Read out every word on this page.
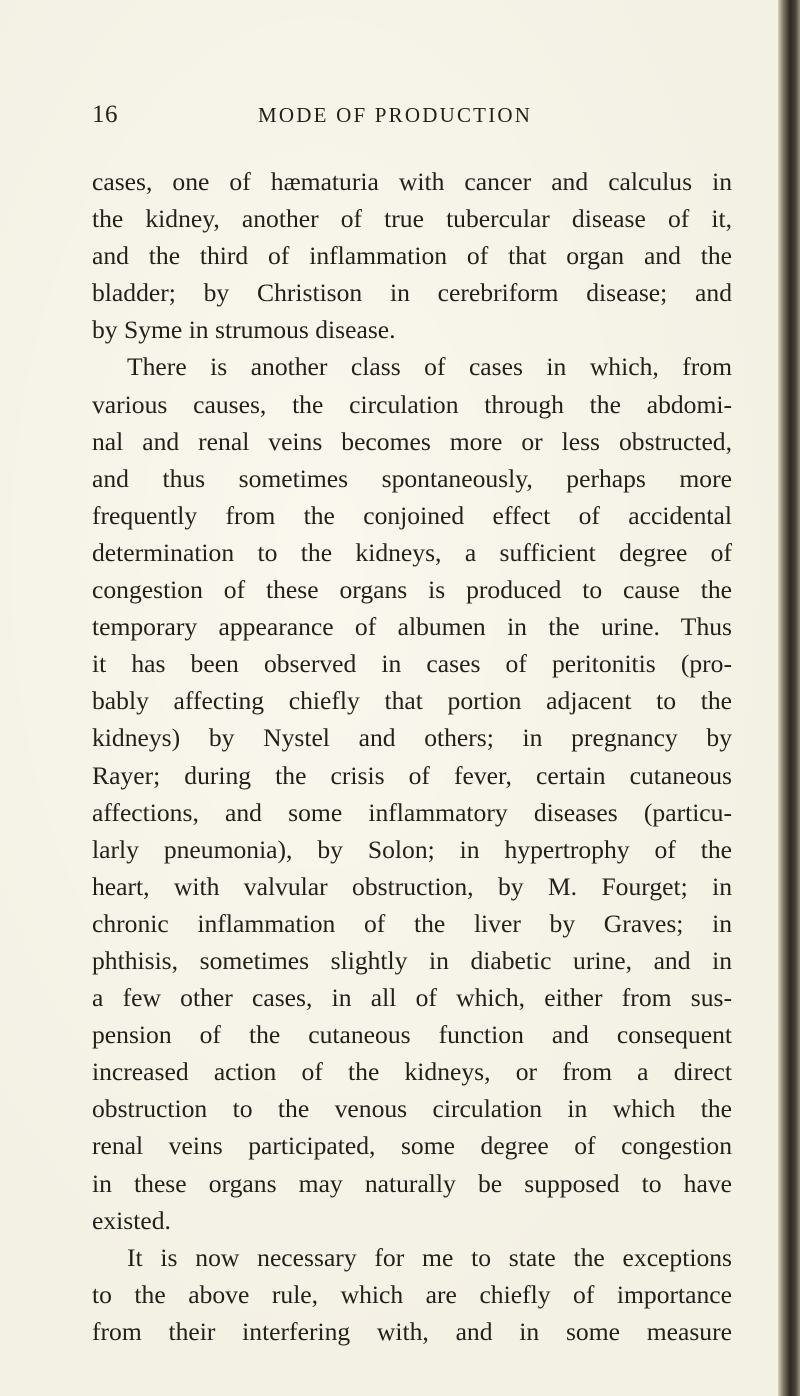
16	MODE OF PRODUCTION
cases, one of hæmaturia with cancer and calculus in
the kidney, another of true tubercular disease of it,
and the third of inflammation of that organ and the
bladder; by Christison in cerebriform disease; and
by Syme in strumous disease.
There is another class of cases in which, from
various causes, the circulation through the abdomi-
nal and renal veins becomes more or less obstructed,
and thus sometimes spontaneously, perhaps more
frequently from the conjoined effect of accidental
determination to the kidneys, a sufficient degree of
congestion of these organs is produced to cause the
temporary appearance of albumen in the urine. Thus
it has been observed in cases of peritonitis (pro-
bably affecting chiefly that portion adjacent to the
kidneys) by Nystel and others; in pregnancy by
Rayer; during the crisis of fever, certain cutaneous
affections, and some inflammatory diseases (particu-
larly pneumonia), by Solon; in hypertrophy of the
heart, with valvular obstruction, by M. Fourget; in
chronic inflammation of the liver by Graves; in
phthisis, sometimes slightly in diabetic urine, and in
a few other cases, in all of which, either from sus-
pension of the cutaneous function and consequent
increased action of the kidneys, or from a direct
obstruction to the venous circulation in which the
renal veins participated, some degree of congestion
in these organs may naturally be supposed to have
existed.
It is now necessary for me to state the exceptions
to the above rule, which are chiefly of importance
from their interfering with, and in some measure
